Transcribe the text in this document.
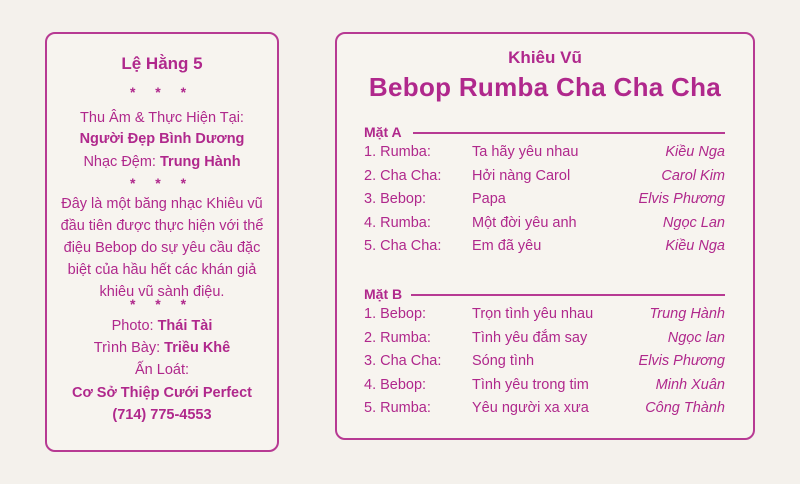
Lệ Hằng 5
* * *
Thu Âm & Thực Hiện Tại:
Người Đẹp Bình Dương
Nhạc Đệm: Trung Hành
* * *
Đây là một băng nhạc Khiêu vũ đầu tiên được thực hiện với thể điệu Bebop do sự yêu cầu đặc biệt của hầu hết các khán giả khiêu vũ sành điệu.
* * *
Photo: Thái Tài
Trình Bày: Triều Khê
Ấn Loát:
Cơ Sở Thiệp Cưới Perfect
(714) 775-4553
Khiêu Vũ
Bebop Rumba Cha Cha Cha
Mặt A
1. Rumba:	Ta hãy yêu nhau	Kiều Nga
2. Cha Cha: Hởi nàng Carol	Carol Kim
3. Bebop:	Papa	Elvis Phương
4. Rumba:	Một đời yêu anh	Ngọc Lan
5. Cha Cha: Em đã yêu	Kiều Nga
Mặt B
1. Bebop:	Trọn tình yêu nhau	Trung Hành
2. Rumba:	Tình yêu đắm say	Ngọc lan
3. Cha Cha: Sóng tình	Elvis Phương
4. Bebop:	Tình yêu trong tim	Minh Xuân
5. Rumba:	Yêu người xa xưa	Công Thành
